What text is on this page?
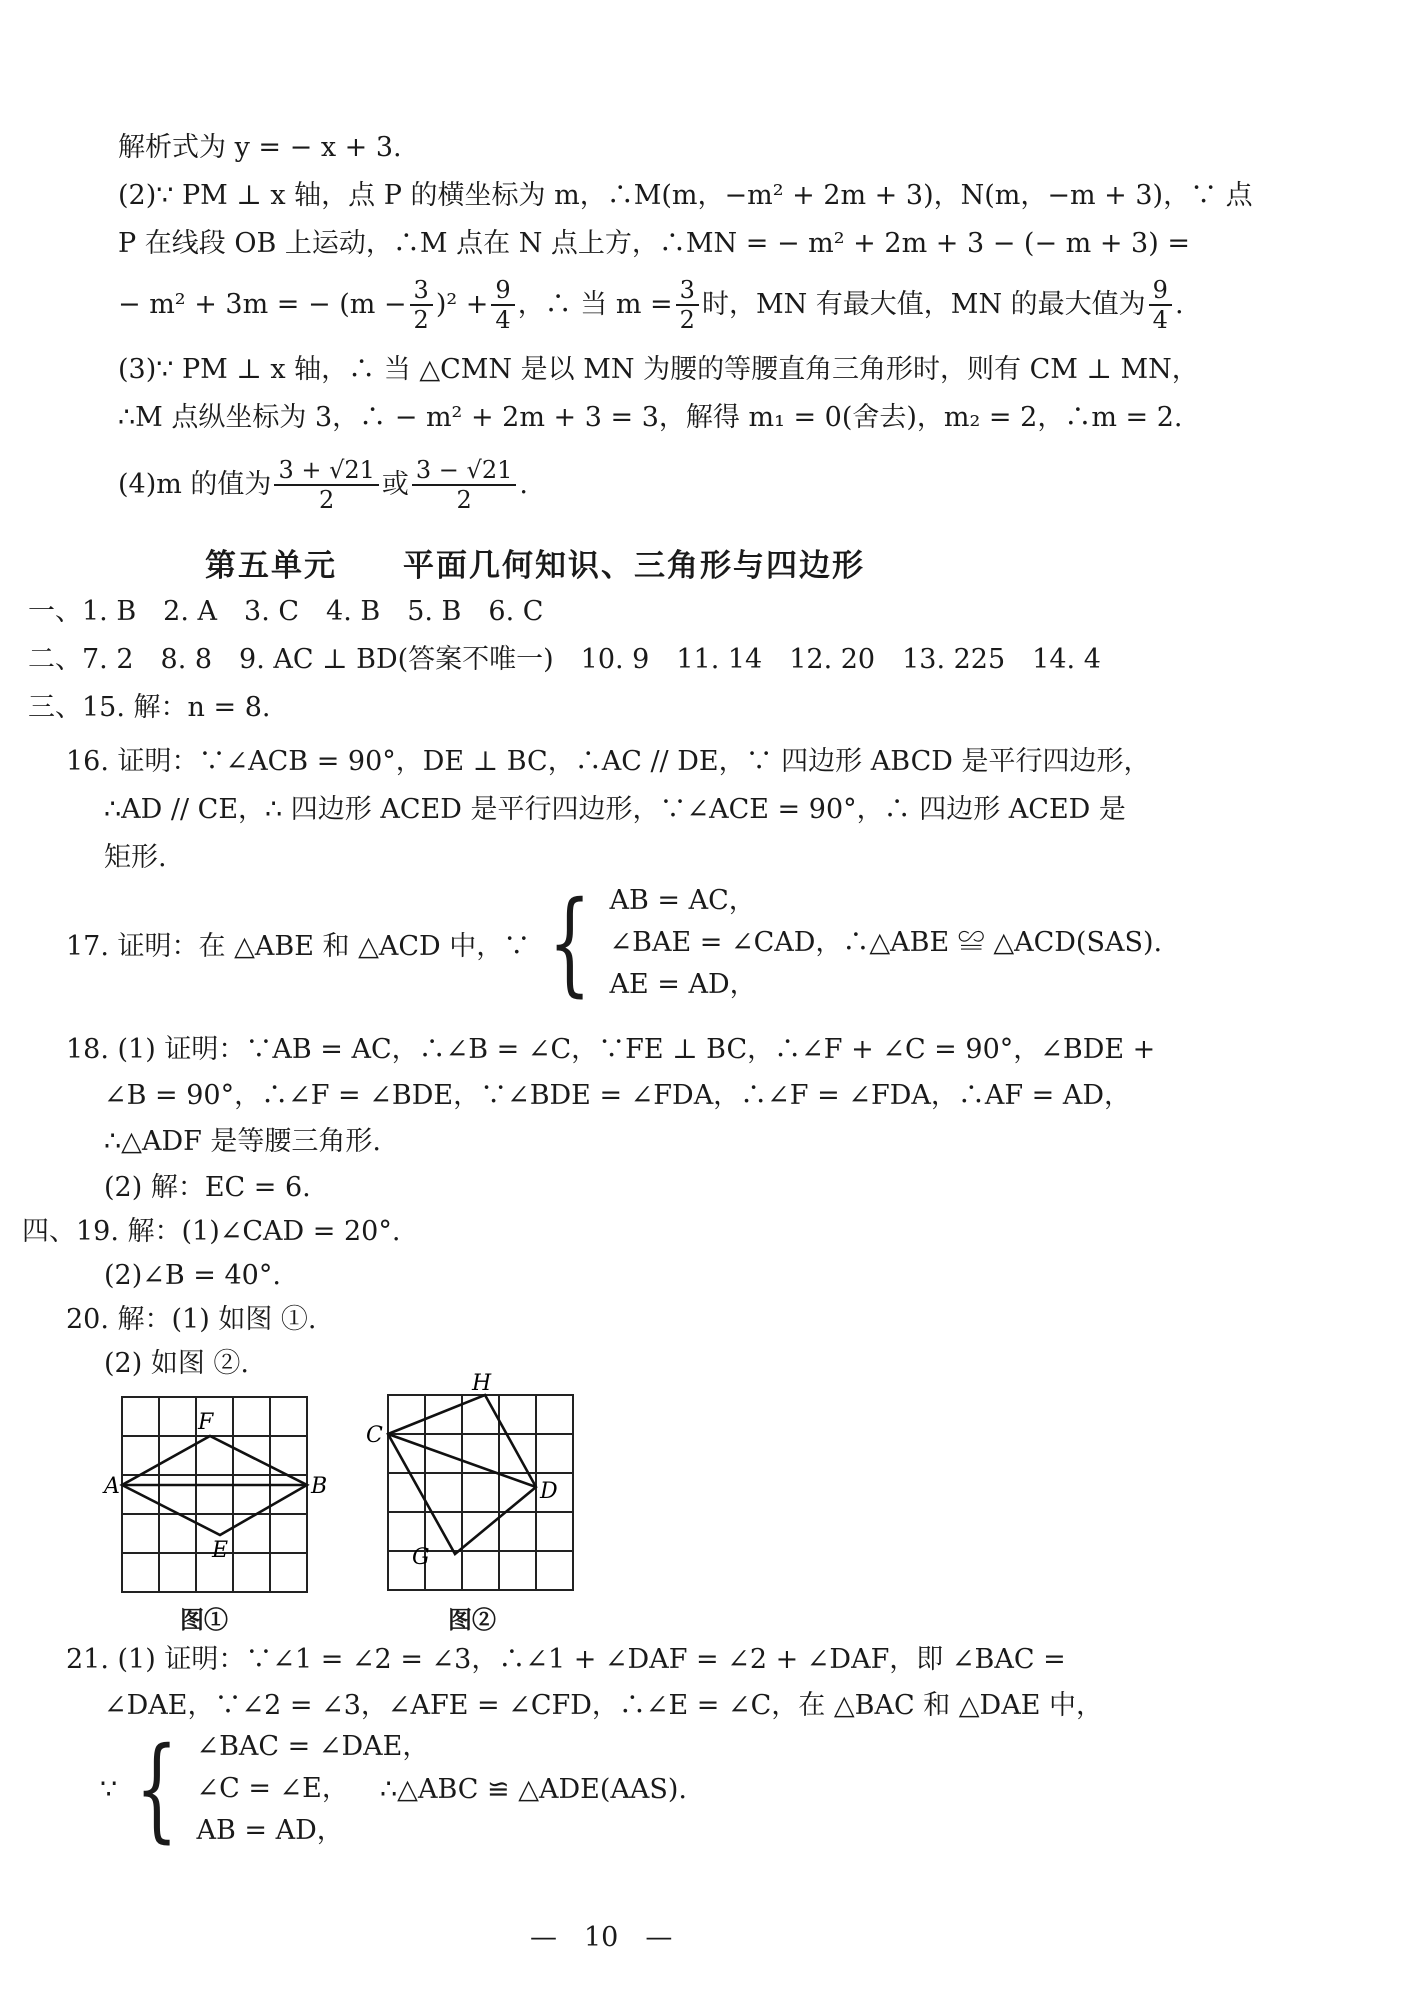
解析式为 y = − x + 3.
(2)∵ PM ⊥ x 轴，点 P 的横坐标为 m，∴M(m，−m² + 2m + 3)，N(m，−m + 3)，∵ 点
P 在线段 OB 上运动，∴M 点在 N 点上方，∴MN = − m² + 2m + 3 − (− m + 3) =
− m² + 3m = − $(m - \frac{3}{2} )^2 + \frac{9}{4}$ ，∴ 当 $m = \frac{3}{2}$ 时，MN 有最大值，MN 的最大值为 $\frac{9}{4}$ .
(3)∵ PM ⊥ x 轴，∴ 当 △CMN 是以 MN 为腰的等腰直角三角形时，则有 CM ⊥ MN，
∴M 点纵坐标为 3，∴ − m² + 2m + 3 = 3，解得 m₁ = 0(舍去)，m₂ = 2，∴m = 2.
(4)m 的值为 $\frac{3 + √21}{2}$ 或 $\frac{3 - √21}{2}$ .
第五单元　　平面几何知识、三角形与四边形
一、1. B　2. A　3. C　4. B　5. B　6. C
二、7. 2　8. 8　9. AC ⊥ BD(答案不唯一)　10. 9　11. 14　12. 20　13. 225　14. 4
三、15. 解：n = 8.
16. 证明：∵∠ACB = 90°，DE ⊥ BC，∴AC // DE，∵ 四边形 ABCD 是平行四边形，
∴AD // CE，∴ 四边形 ACED 是平行四边形，∵∠ACE = 90°，∴ 四边形 ACED 是
矩形.
17. 证明：在 △ABE 和 △ACD 中，∵ { AB = AC，
∠BAE = ∠CAD，∴△ABE ≌ △ACD(SAS).
AE = AD，
18. (1) 证明：∵AB = AC，∴∠B = ∠C，∵FE ⊥ BC，∴∠F + ∠C = 90°，∠BDE +
∠B = 90°，∴∠F = ∠BDE，∵∠BDE = ∠FDA，∴∠F = ∠FDA，∴AF = AD，
∴△ADF 是等腰三角形.
(2) 解：EC = 6.
四、19. 解：(1)∠CAD = 20°.
(2)∠B = 40°.
20. 解：(1) 如图 ①.
(2) 如图 ②.
F
A	B
E
图①
H
C
D
G
图②
21. (1) 证明：∵∠1 = ∠2 = ∠3，∴∠1 + ∠DAF = ∠2 + ∠DAF，即 ∠BAC =
∠DAE，∵∠2 = ∠3，∠AFE = ∠CFD，∴∠E = ∠C，在 △BAC 和 △DAE 中，
∵ { ∠BAC = ∠DAE，
∠C = ∠E，
AB = AD，
∴△ABC ≌ △ADE(AAS).
—　10　—
